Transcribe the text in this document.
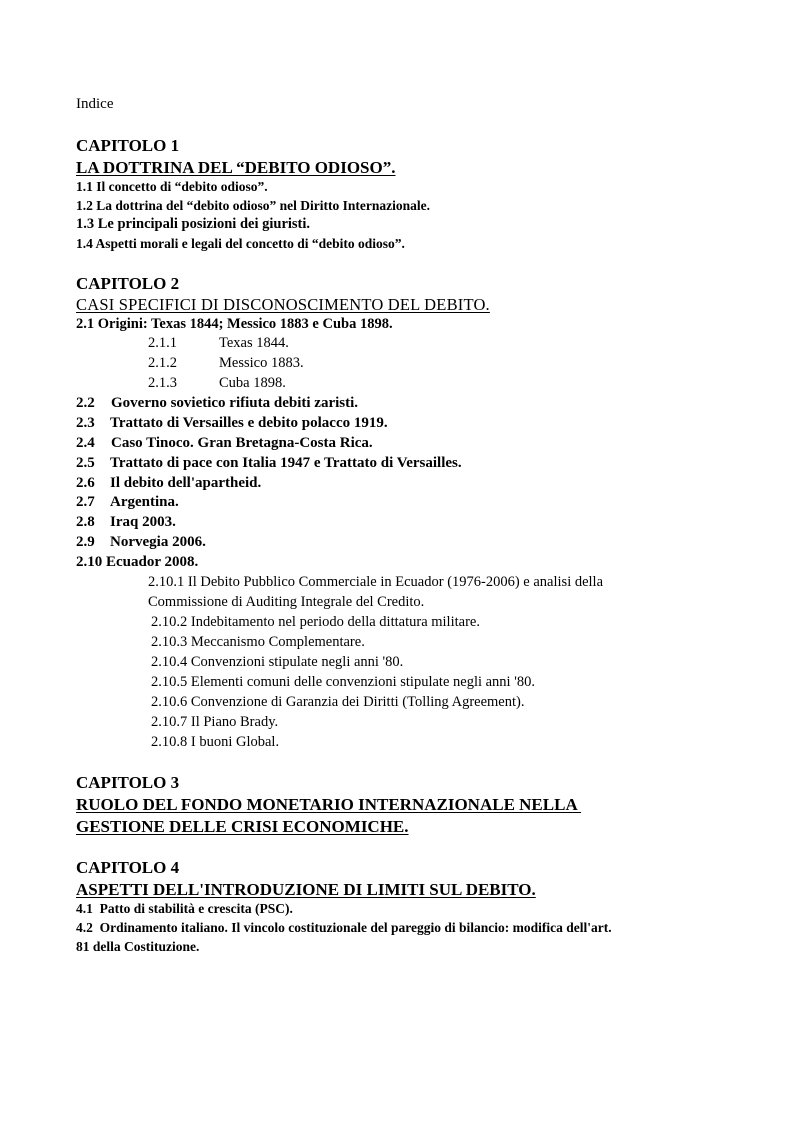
Indice
CAPITOLO 1
LA DOTTRINA DEL “DEBITO ODIOSO”.
1.1 Il concetto di “debito odioso”.
1.2 La dottrina del “debito odioso” nel Diritto Internazionale.
1.3 Le principali posizioni dei giuristi.
1.4 Aspetti morali e legali del concetto di “debito odioso”.
CAPITOLO 2
CASI SPECIFICI DI DISCONOSCIMENTO DEL DEBITO.
2.1 Origini: Texas 1844; Messico 1883 e Cuba 1898.
2.1.1	Texas 1844.
2.1.2	Messico 1883.
2.1.3	Cuba 1898.
2.2 Governo sovietico rifiuta debiti zaristi.
2.3 Trattato di Versailles e debito polacco 1919.
2.4 Caso Tinoco. Gran Bretagna-Costa Rica.
2.5 Trattato di pace con Italia 1947 e Trattato di Versailles.
2.6 Il debito dell'apartheid.
2.7 Argentina.
2.8 Iraq 2003.
2.9 Norvegia 2006.
2.10 Ecuador 2008.
2.10.1 Il Debito Pubblico Commerciale in Ecuador (1976-2006) e analisi della
Commissione di Auditing Integrale del Credito.
2.10.2 Indebitamento nel periodo della dittatura militare.
2.10.3 Meccanismo Complementare.
2.10.4 Convenzioni stipulate negli anni '80.
2.10.5 Elementi comuni delle convenzioni stipulate negli anni '80.
2.10.6 Convenzione di Garanzia dei Diritti (Tolling Agreement).
2.10.7 Il Piano Brady.
2.10.8 I buoni Global.
CAPITOLO 3
RUOLO DEL FONDO MONETARIO INTERNAZIONALE NELLA
GESTIONE DELLE CRISI ECONOMICHE.
CAPITOLO 4
ASPETTI DELL'INTRODUZIONE DI LIMITI SUL DEBITO.
4.1  Patto di stabilità e crescita (PSC).
4.2  Ordinamento italiano. Il vincolo costituzionale del pareggio di bilancio: modifica dell'art.
81 della Costituzione.
